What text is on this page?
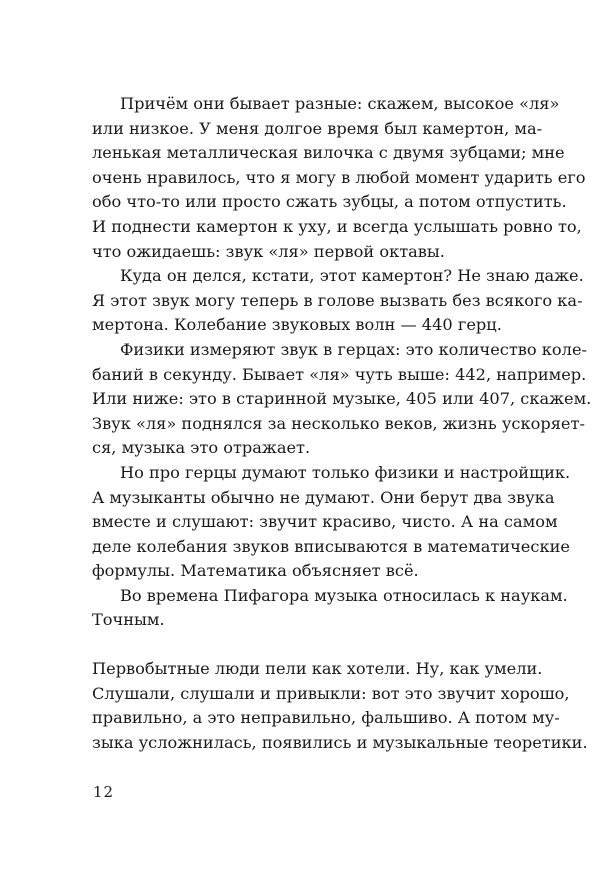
Причём они бывает разные: скажем, высокое «ля»
или низкое. У меня долгое время был камертон, ма-
ленькая металлическая вилочка с двумя зубцами; мне
очень нравилось, что я могу в любой момент ударить его
обо что-то или просто сжать зубцы, а потом отпустить.
И поднести камертон к уху, и всегда услышать ровно то,
что ожидаешь: звук «ля» первой октавы.
Куда он делся, кстати, этот камертон? Не знаю даже.
Я этот звук могу теперь в голове вызвать без всякого ка-
мертона. Колебание звуковых волн — 440 герц.
Физики измеряют звук в герцах: это количество коле-
баний в секунду. Бывает «ля» чуть выше: 442, например.
Или ниже: это в старинной музыке, 405 или 407, скажем.
Звук «ля» поднялся за несколько веков, жизнь ускоряет-
ся, музыка это отражает.
Но про герцы думают только физики и настройщик.
А музыканты обычно не думают. Они берут два звука
вместе и слушают: звучит красиво, чисто. А на самом
деле колебания звуков вписываются в математические
формулы. Математика объясняет всё.
Во времена Пифагора музыка относилась к наукам.
Точным.
Первобытные люди пели как хотели. Ну, как умели.
Слушали, слушали и привыкли: вот это звучит хорошо,
правильно, а это неправильно, фальшиво. А потом му-
зыка усложнилась, появились и музыкальные теоретики.
12
